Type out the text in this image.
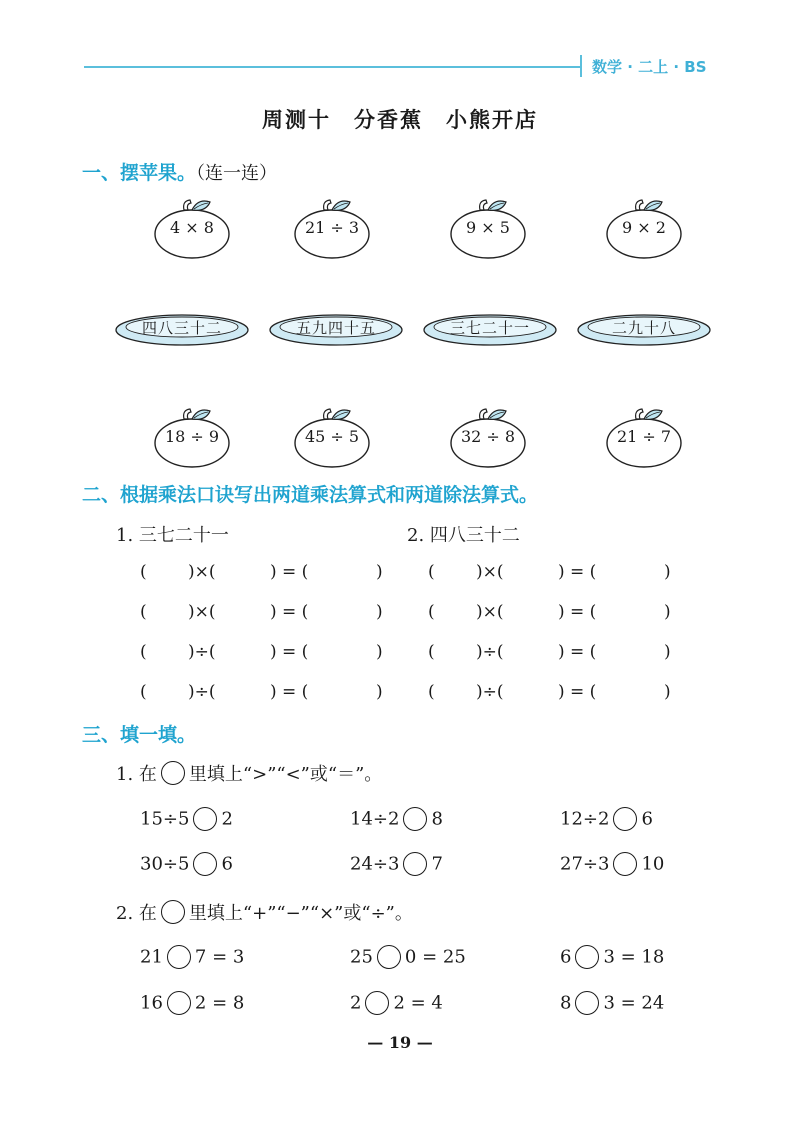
数学 · 二上 · BS
周测十　分香蕉　小熊开店
一、摆苹果。（连一连）
4 × 8	21 ÷ 3	9 × 5	9 × 2
四八三十二	五九四十五	三七二十一	二九十八
18 ÷ 9	45 ÷ 5	32 ÷ 8	21 ÷ 7
二、根据乘法口诀写出两道乘法算式和两道除法算式。
1. 三七二十一	2. 四八三十二
( )×(	) = (	)	( )×(	) = (	)
( )×(	) = (	)	( )×(	) = (	)
( )÷(	) = (	)	( )÷(	) = (	)
( )÷(	) = (	)	( )÷(	) = (	)
三、填一填。
1. 在 里填上“>”“<”或“＝”。
15÷5 2	14÷2 8	12÷2 6
30÷5 6	24÷3 7	27÷3 10
2. 在 里填上“+”“−”“×”或“÷”。
21 7 = 3	25 0 = 25	6 3 = 18
16 2 = 8	2 2 = 4	8 3 = 24
— 19 —
